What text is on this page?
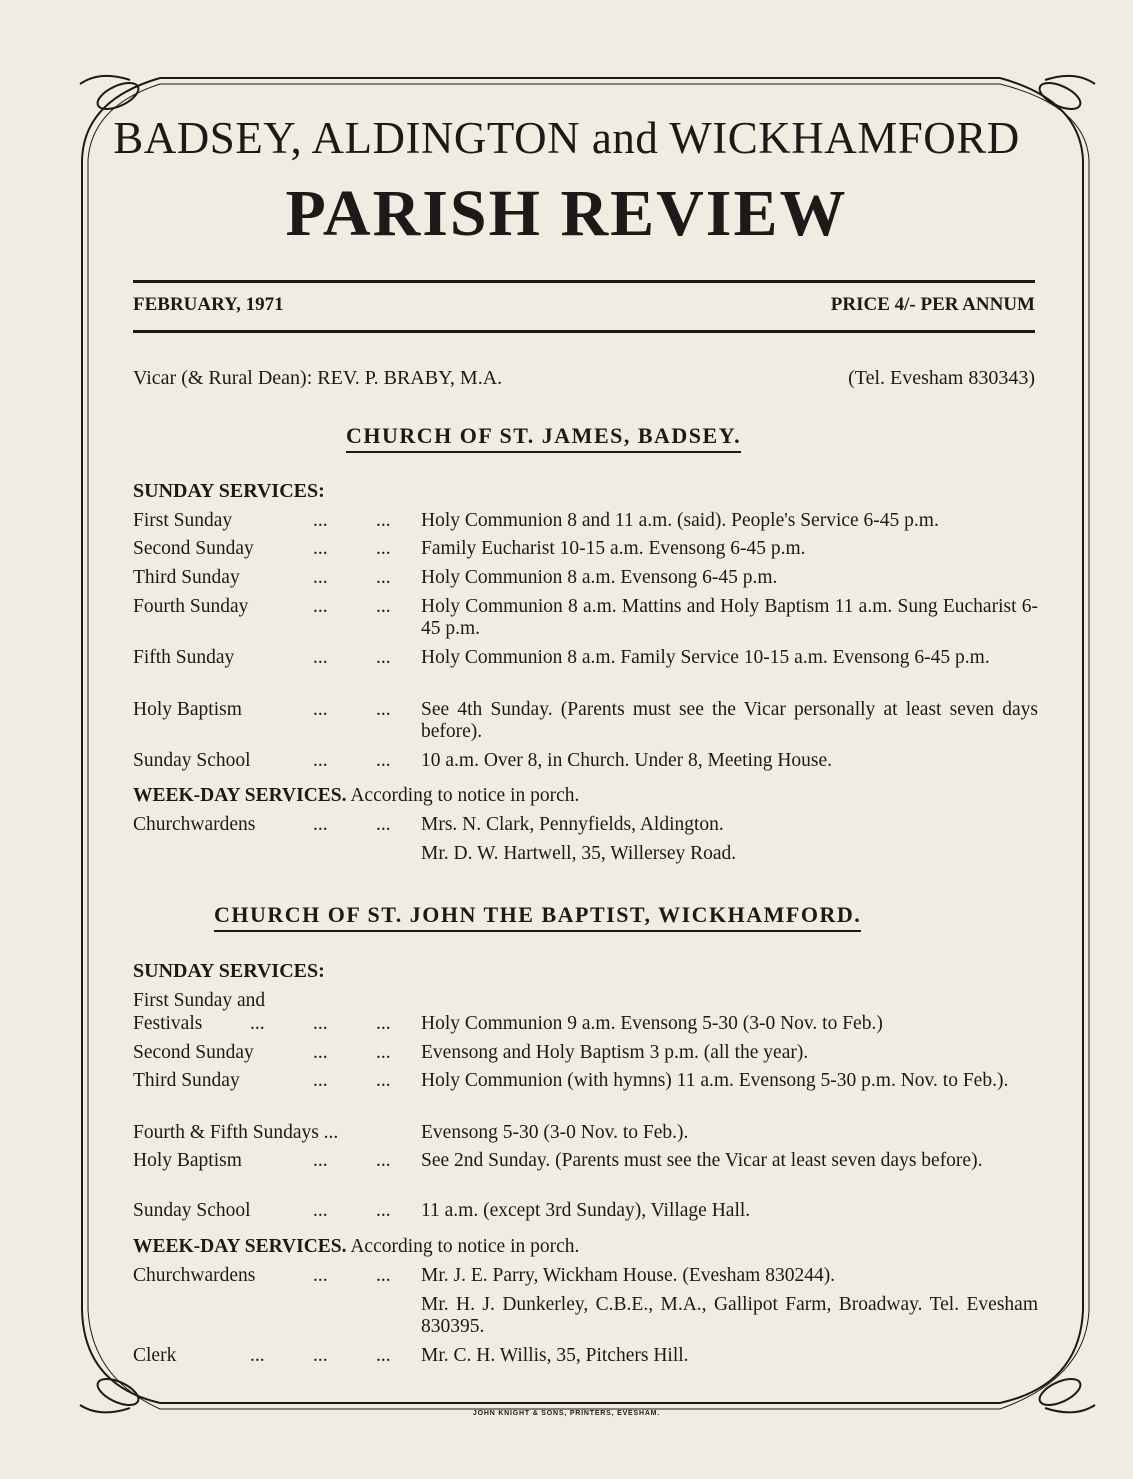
BADSEY, ALDINGTON and WICKHAMFORD
PARISH REVIEW
FEBRUARY, 1971	PRICE 4/- PER ANNUM
Vicar (& Rural Dean): REV. P. BRABY, M.A.	(Tel. Evesham 830343)
CHURCH OF ST. JAMES, BADSEY.
SUNDAY SERVICES:
First Sunday	... ... Holy Communion 8 and 11 a.m. (said). People's Service 6-45 p.m.
Second Sunday	... ... Family Eucharist 10-15 a.m. Evensong 6-45 p.m.
Third Sunday	... ... Holy Communion 8 a.m. Evensong 6-45 p.m.
Fourth Sunday	... ... Holy Communion 8 a.m. Mattins and Holy Baptism 11 a.m. Sung Eucharist 6-45 p.m.
Fifth Sunday	... ... Holy Communion 8 a.m. Family Service 10-15 a.m. Evensong 6-45 p.m.
Holy Baptism	... ... See 4th Sunday. (Parents must see the Vicar personally at least seven days before).
Sunday School	... ... 10 a.m. Over 8, in Church. Under 8, Meeting House.
WEEK-DAY SERVICES. According to notice in porch.
Churchwardens	... ... Mrs. N. Clark, Pennyfields, Aldington.
Mr. D. W. Hartwell, 35, Willersey Road.
CHURCH OF ST. JOHN THE BAPTIST, WICKHAMFORD.
SUNDAY SERVICES:
First Sunday and
Festivals ... ... ... Holy Communion 9 a.m. Evensong 5-30 (3-0 Nov. to Feb.)
Second Sunday	... ... Evensong and Holy Baptism 3 p.m. (all the year).
Third Sunday	... ... Holy Communion (with hymns) 11 a.m. Evensong 5-30 p.m. Nov. to Feb.).
Fourth & Fifth Sundays ...	Evensong 5-30 (3-0 Nov. to Feb.).
Holy Baptism	... ... See 2nd Sunday. (Parents must see the Vicar at least seven days before).
Sunday School	... ... 11 a.m. (except 3rd Sunday), Village Hall.
WEEK-DAY SERVICES. According to notice in porch.
Churchwardens	... ... Mr. J. E. Parry, Wickham House. (Evesham 830244).
Mr. H. J. Dunkerley, C.B.E., M.A., Gallipot Farm, Broadway. Tel. Evesham 830395.
Clerk	... ... ... Mr. C. H. Willis, 35, Pitchers Hill.
JOHN KNIGHT & SONS, PRINTERS, EVESHAM.
